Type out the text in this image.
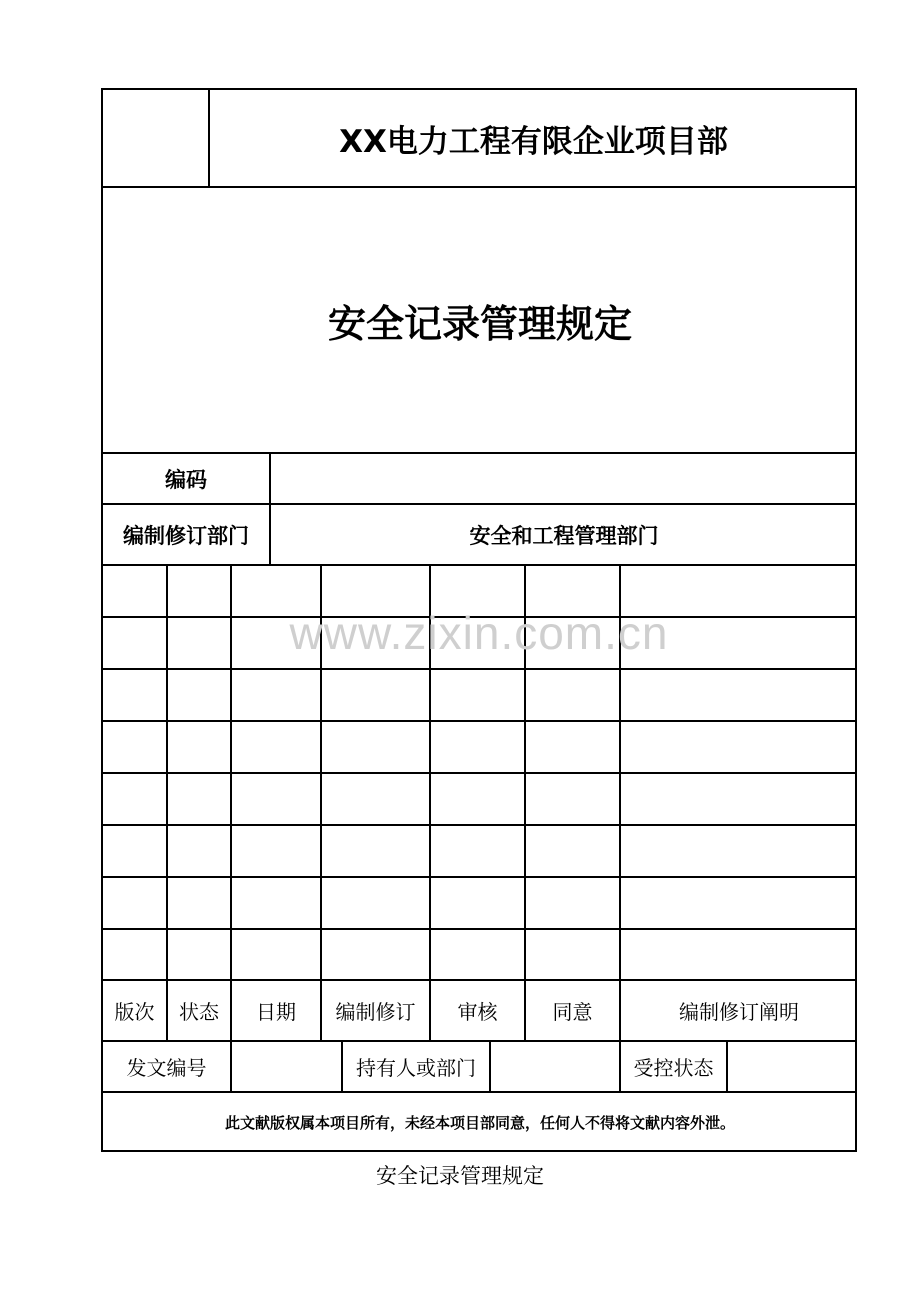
XX电力工程有限企业项目部
安全记录管理规定
编码
编制修订部门	安全和工程管理部门
版次	状态	日期	编制修订	审核	同意	编制修订阐明
发文编号	持有人或部门	受控状态
此文献版权属本项目所有，未经本项目部同意，任何人不得将文献内容外泄。
www.zixin.com.cn
安全记录管理规定
